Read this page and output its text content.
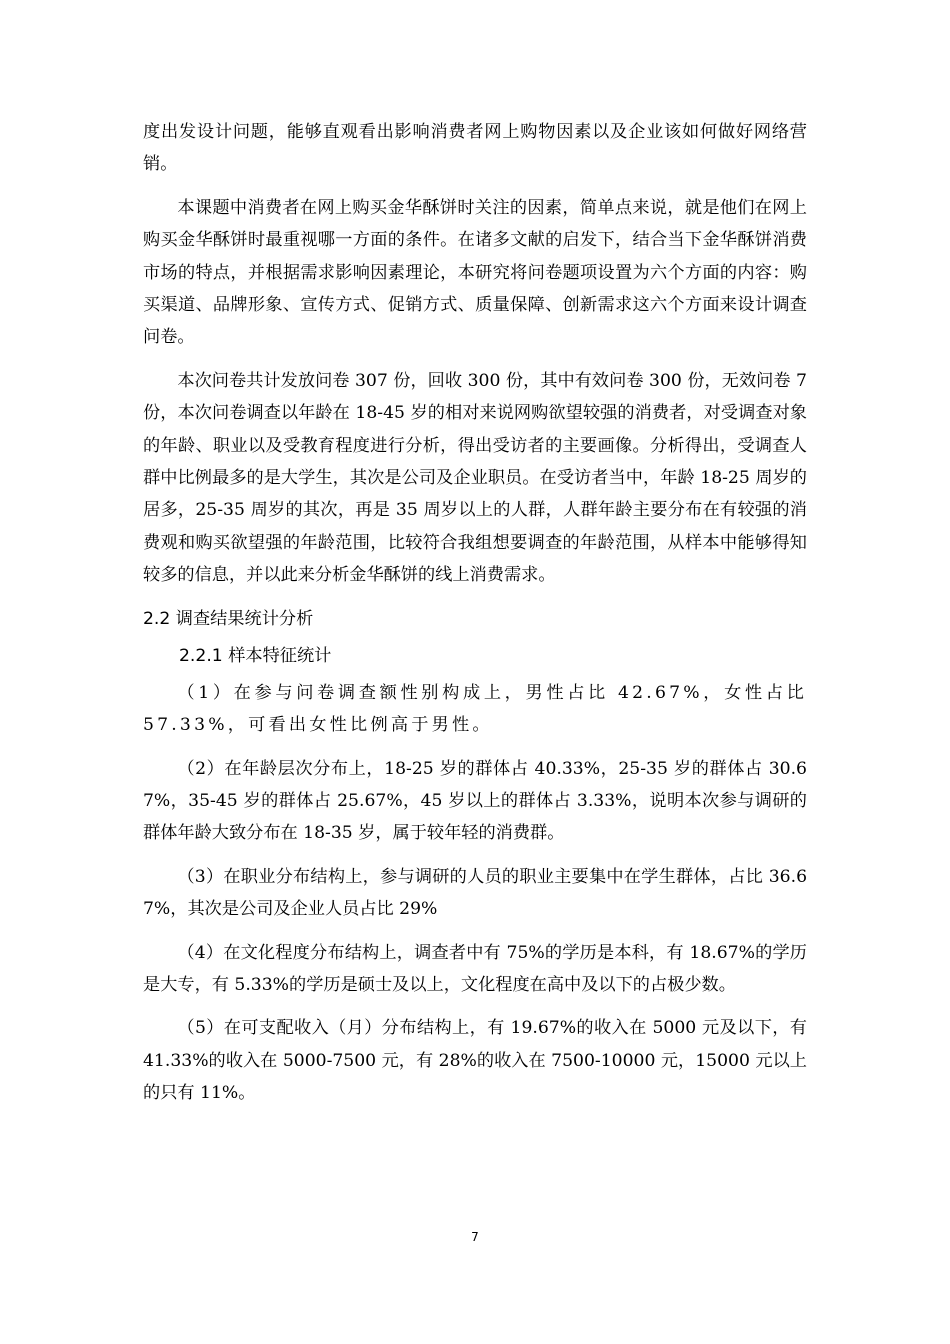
度出发设计问题，能够直观看出影响消费者网上购物因素以及企业该如何做好网络营销。

本课题中消费者在网上购买金华酥饼时关注的因素，简单点来说，就是他们在网上购买金华酥饼时最重视哪一方面的条件。在诸多文献的启发下，结合当下金华酥饼消费市场的特点，并根据需求影响因素理论，本研究将问卷题项设置为六个方面的内容：购买渠道、品牌形象、宣传方式、促销方式、质量保障、创新需求这六个方面来设计调查问卷。

本次问卷共计发放问卷 307 份，回收 300 份，其中有效问卷 300 份，无效问卷 7 份，本次问卷调查以年龄在 18-45 岁的相对来说网购欲望较强的消费者，对受调查对象的年龄、职业以及受教育程度进行分析，得出受访者的主要画像。分析得出，受调查人群中比例最多的是大学生，其次是公司及企业职员。在受访者当中，年龄 18-25 周岁的居多，25-35 周岁的其次，再是 35 周岁以上的人群，人群年龄主要分布在有较强的消费观和购买欲望强的年龄范围，比较符合我组想要调查的年龄范围，从样本中能够得知较多的信息，并以此来分析金华酥饼的线上消费需求。

2.2 调查结果统计分析
2.2.1 样本特征统计

（1）在参与问卷调查额性别构成上，男性占比 42.67%，女性占比 57.33%，可看出女性比例高于男性。

（2）在年龄层次分布上，18-25 岁的群体占 40.33%，25-35 岁的群体占 30.67%，35-45 岁的群体占 25.67%，45 岁以上的群体占 3.33%，说明本次参与调研的群体年龄大致分布在 18-35 岁，属于较年轻的消费群。

（3）在职业分布结构上，参与调研的人员的职业主要集中在学生群体，占比 36.67%，其次是公司及企业人员占比 29%

（4）在文化程度分布结构上，调查者中有 75%的学历是本科，有 18.67%的学历是大专，有 5.33%的学历是硕士及以上，文化程度在高中及以下的占极少数。

（5）在可支配收入（月）分布结构上，有 19.67%的收入在 5000 元及以下，有 41.33%的收入在 5000-7500 元，有 28%的收入在 7500-10000 元，15000 元以上的只有 11%。

7
